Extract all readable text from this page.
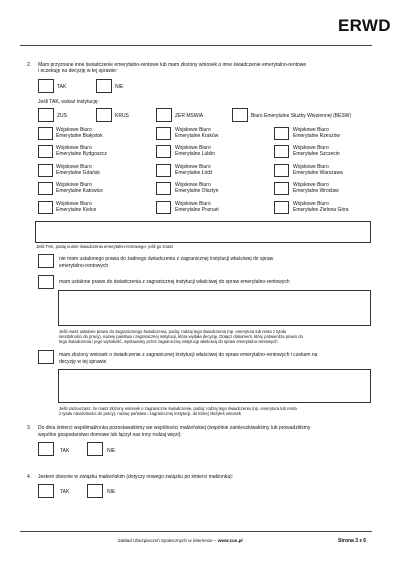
ERWD
2. Mam przyznane inne świadczenie emerytalno-rentowe lub mam złożony wniosek o inne świadczenie emerytalno-rentowe
i oczekuję na decyzję w tej sprawie:
TAK	NIE
Jeśli TAK, wskaż instytucję:
ZUS	KRUS	ZER MSWiA	Biuro Emerytalne Służby Więziennej (BESW)
Wojskowe Biuro
Emerytalne Białystok
Wojskowe Biuro
Emerytalne Kraków
Wojskowe Biuro
Emerytalne Rzeszów
Wojskowe Biuro
Emerytalne Bydgoszcz
Wojskowe Biuro
Emerytalne Lublin
Wojskowe Biuro
Emerytalne Szczecin
Wojskowe Biuro
Emerytalne Gdańsk
Wojskowe Biuro
Emerytalne Łódź
Wojskowe Biuro
Emerytalne Warszawa
Wojskowe Biuro
Emerytalne Katowice
Wojskowe Biuro
Emerytalne Olsztyn
Wojskowe Biuro
Emerytalne Wrocław
Wojskowe Biuro
Emerytalne Kielce
Wojskowe Biuro
Emerytalne Poznań
Wojskowe Biuro
Emerytalne Zielona Góra
Jeśli TAK, podaj numer świadczenia emerytalno-rentowego- jeśli go znasz
nie mam ustalonego prawa do żadnego świadczenia z zagranicznej instytucji właściwej do spraw
emerytalno-rentowych
mam ustalone prawo do świadczenia z zagranicznej instytucji właściwej do spraw emerytalno-rentowych
Jeśli masz ustalone prawo do zagranicznego świadczenia, podaj: rodzaj tego świadczenia (np. emerytura lub renta z tytułu
niezdolności do pracy), nazwę państwa i zagranicznej instytucji, która wydała decyzję. Dołącz dokument, który potwierdza prawo do
tego świadczenia i jego wysokość, wystawiony przez zagraniczną instytucję właściwą do spraw emerytalno-rentowych
mam złożony wniosek o świadczenie z zagranicznej instytucji właściwej do spraw emerytalno-rentowych i czekam na
decyzję w tej sprawie
Jeśli zaznaczasz, że masz złożony wniosek o zagraniczne świadczenie, podaj: rodzaj tego świadczenia (np. emerytura lub renta
z tytułu niezdolności do pracy), nazwę państwa i zagranicznej instytucji, do której złożyłeś wniosek
3. Do dnia śmierci współmałżonka pozostawaliśmy we wspólności małżeńskiej (wspólnie zamieszkiwaliśmy lub prowadziliśmy
wspólne gospodarstwo domowe lub łączył nas inny rodzaj więzi):
TAK	NIE
4. Jestem obecnie w związku małżeńskim (dotyczy nowego związku po śmierci małżonka):
TAK	NIE
Zakład Ubezpieczeń Społecznych w internecie – www.zus.pl	Strona 3 z 6
